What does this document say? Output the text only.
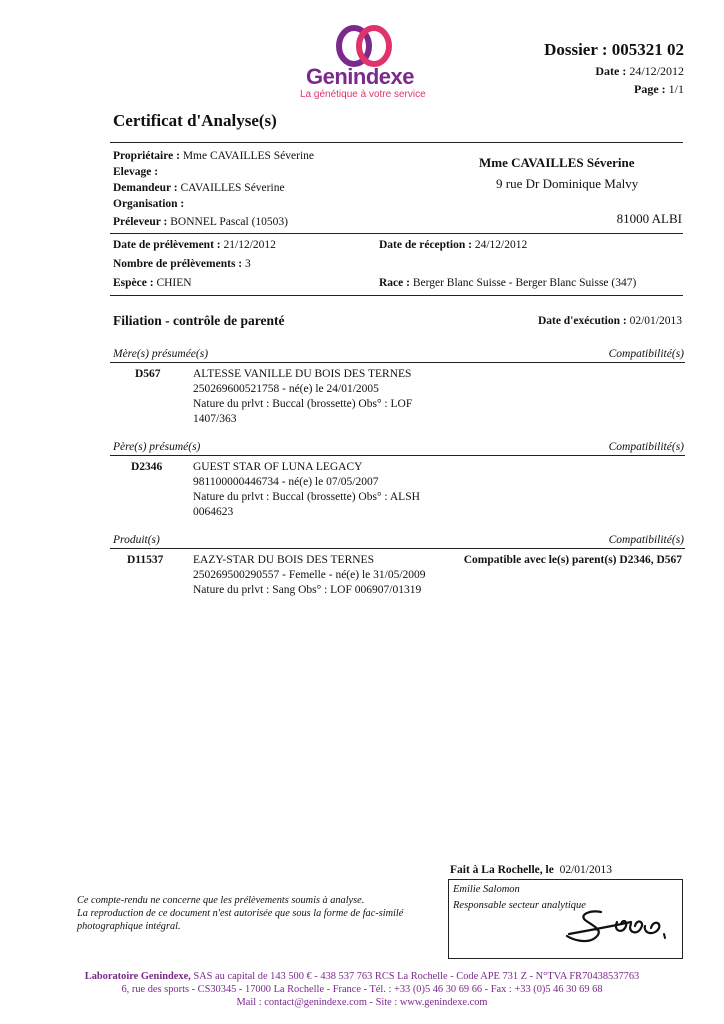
Genindexe
La génétique à votre service
Dossier : 005321 02
Date : 24/12/2012
Page : 1/1
Certificat d'Analyse(s)
Propriétaire : Mme CAVAILLES Séverine
Elevage :
Demandeur : CAVAILLES Séverine
Organisation :
Préleveur : BONNEL Pascal (10503)
Mme CAVAILLES Séverine
9 rue Dr Dominique Malvy
81000 ALBI
Date de prélèvement : 21/12/2012	Date de réception : 24/12/2012
Nombre de prélèvements : 3
Espèce : CHIEN	Race : Berger Blanc Suisse - Berger Blanc Suisse (347)
Filiation - contrôle de parenté	Date d'exécution : 02/01/2013
Mère(s) présumée(s)	Compatibilité(s)
D567	ALTESSE VANILLE DU BOIS DES TERNES
250269600521758 - né(e) le 24/01/2005
Nature du prlvt : Buccal (brossette) Obs° : LOF
1407/363
Père(s) présumé(s)	Compatibilité(s)
D2346	GUEST STAR OF LUNA LEGACY
981100000446734 - né(e) le 07/05/2007
Nature du prlvt : Buccal (brossette) Obs° : ALSH
0064623
Produit(s)	Compatibilité(s)
D11537	EAZY-STAR DU BOIS DES TERNES
250269500290557 - Femelle - né(e) le 31/05/2009
Nature du prlvt : Sang Obs° : LOF 006907/01319
Compatible avec le(s) parent(s) D2346, D567
Fait à La Rochelle, le 02/01/2013
Emilie Salomon
Responsable secteur analytique
Ce compte-rendu ne concerne que les prélèvements soumis à analyse.
La reproduction de ce document n'est autorisée que sous la forme de fac-similé
photographique intégral.
Laboratoire Genindexe, SAS au capital de 143 500 € - 438 537 763 RCS La Rochelle - Code APE 731 Z - N°TVA FR70438537763
6, rue des sports - CS30345 - 17000 La Rochelle - France - Tél. : +33 (0)5 46 30 69 66 - Fax : +33 (0)5 46 30 69 68
Mail : contact@genindexe.com - Site : www.genindexe.com
